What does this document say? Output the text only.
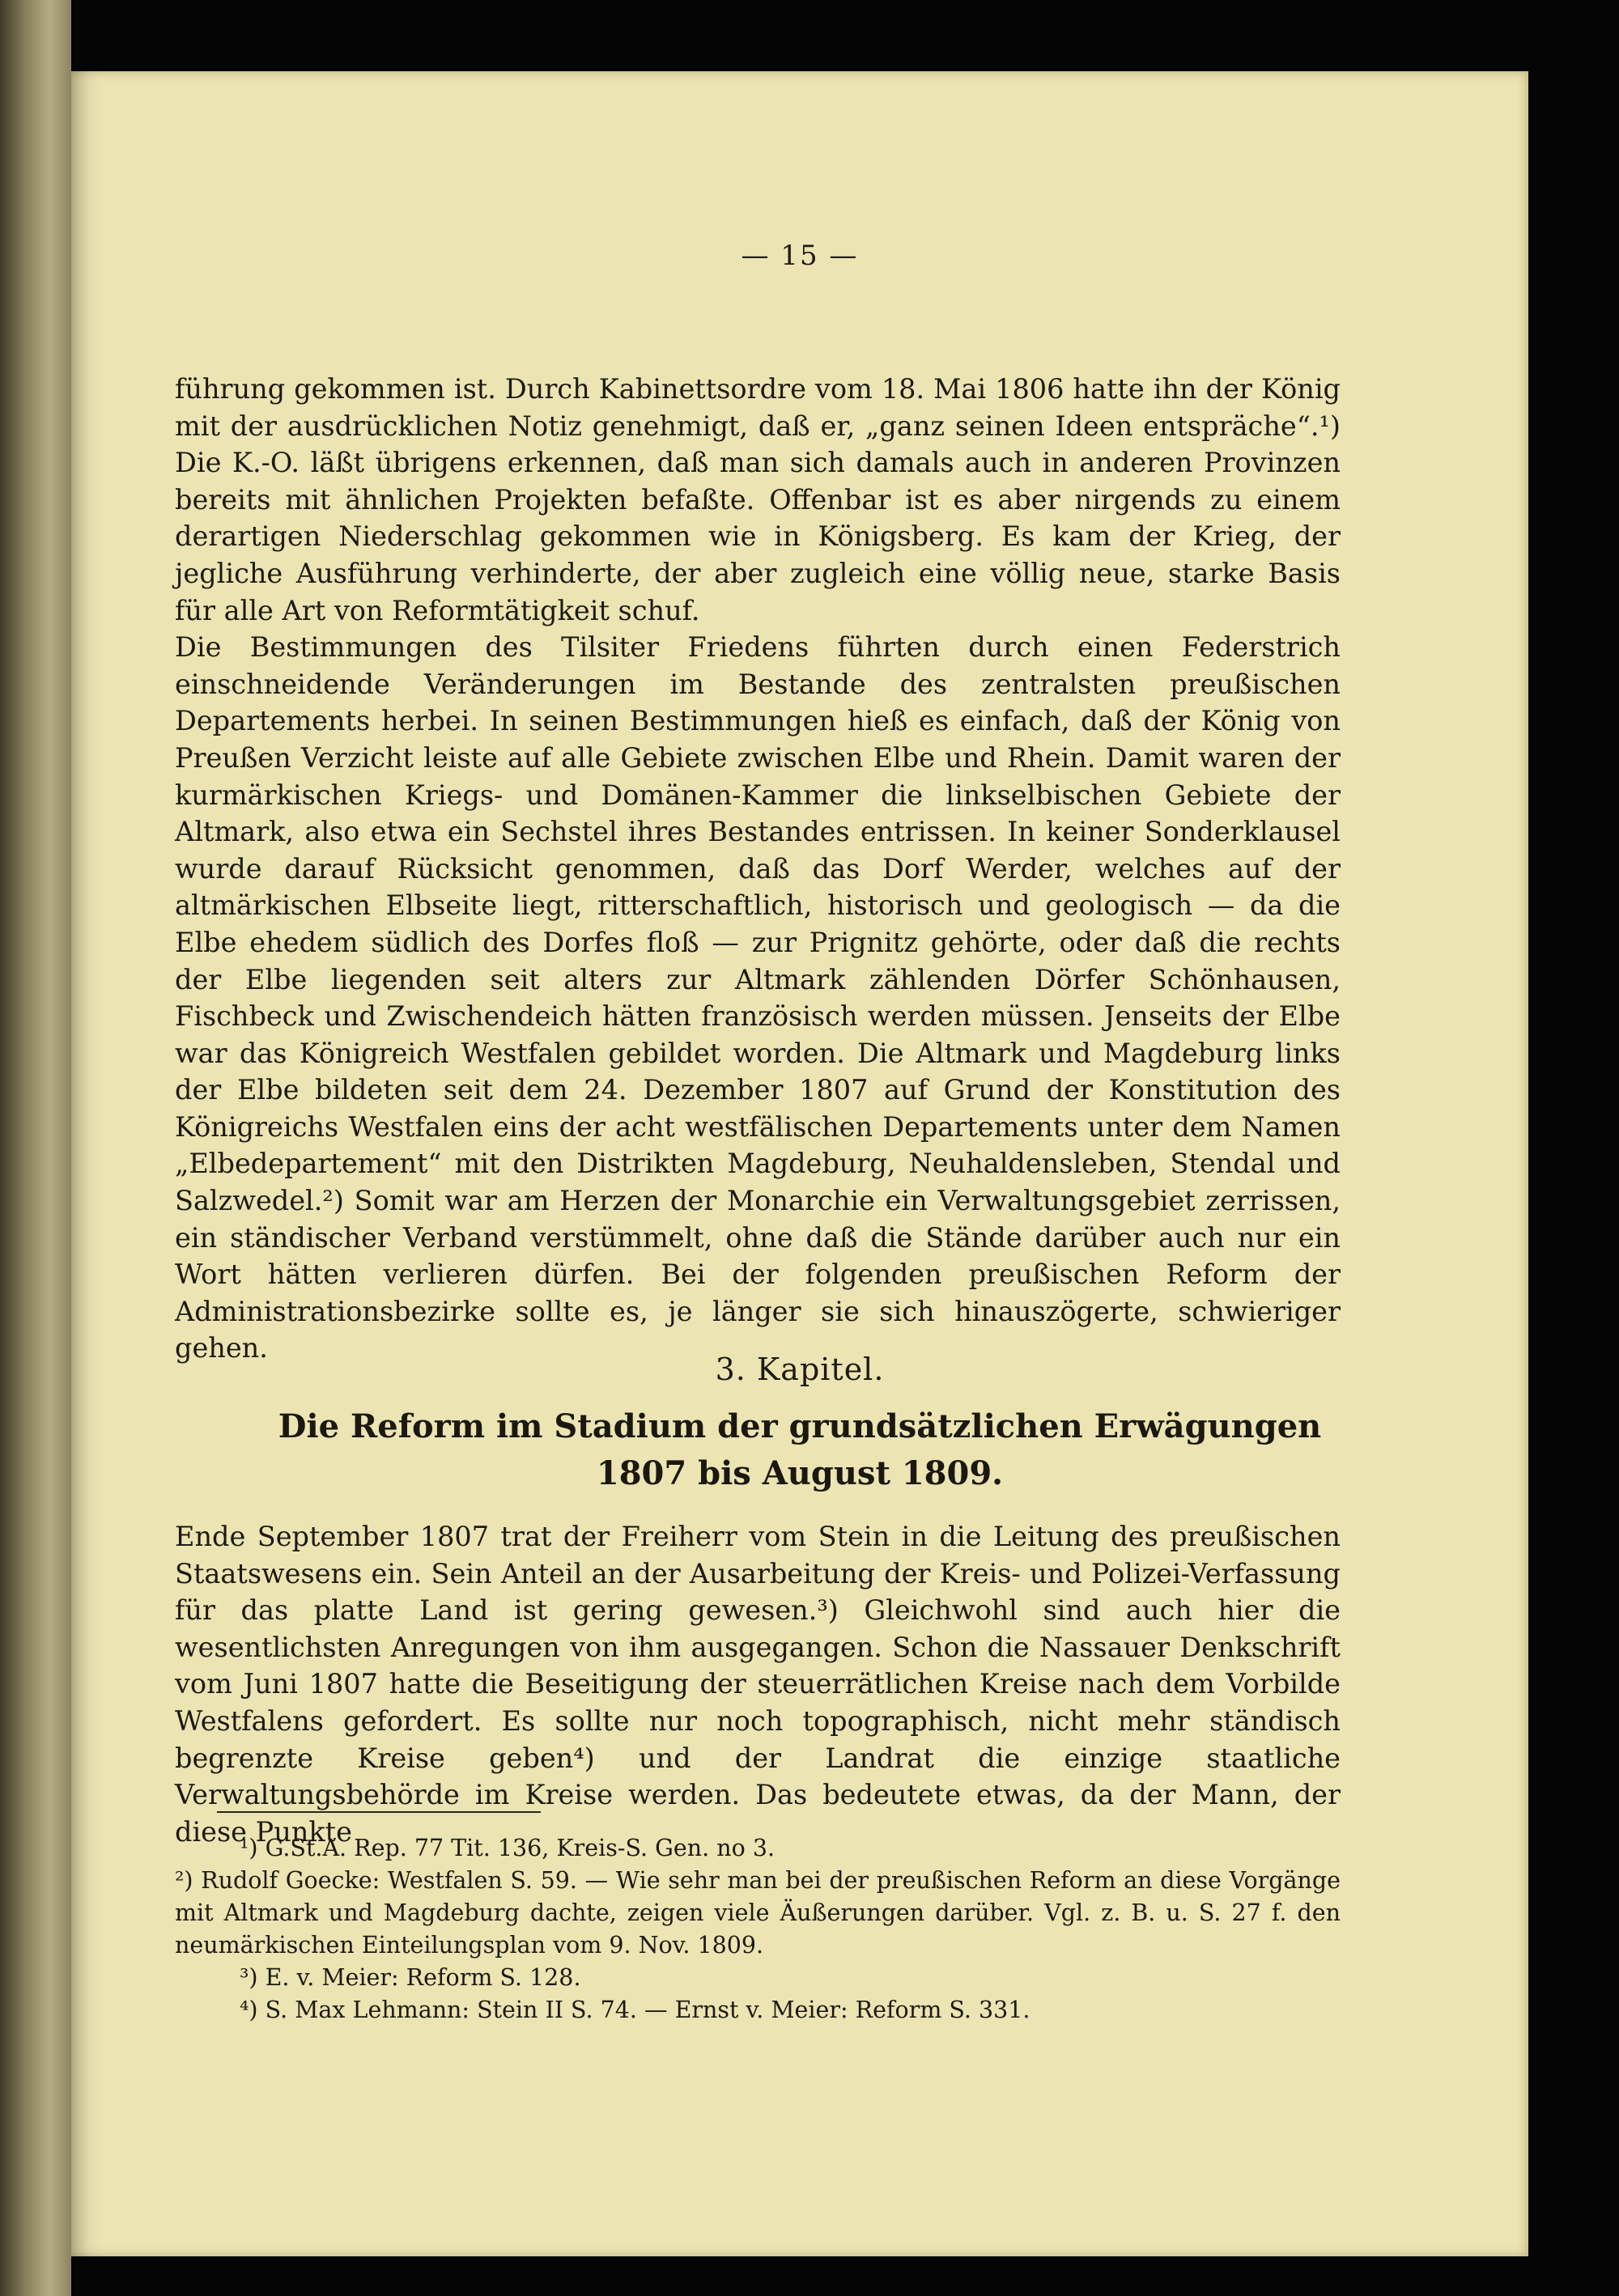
— 15 —

führung gekommen ist. Durch Kabinettsordre vom 18. Mai 1806 hatte ihn der König mit der ausdrücklichen Notiz genehmigt, daß er, „ganz seinen Ideen entspräche“.¹) Die K.-O. läßt übrigens erkennen, daß man sich damals auch in anderen Provinzen bereits mit ähnlichen Projekten befaßte. Offenbar ist es aber nirgends zu einem derartigen Niederschlag gekommen wie in Königsberg. Es kam der Krieg, der jegliche Ausführung verhinderte, der aber zugleich eine völlig neue, starke Basis für alle Art von Reformtätigkeit schuf.

Die Bestimmungen des Tilsiter Friedens führten durch einen Federstrich einschneidende Veränderungen im Bestande des zentralsten preußischen Departements herbei. In seinen Bestimmungen hieß es einfach, daß der König von Preußen Verzicht leiste auf alle Gebiete zwischen Elbe und Rhein. Damit waren der kurmärkischen Kriegs- und Domänen-Kammer die linkselbischen Gebiete der Altmark, also etwa ein Sechstel ihres Bestandes entrissen. In keiner Sonderklausel wurde darauf Rücksicht genommen, daß das Dorf Werder, welches auf der altmärkischen Elbseite liegt, ritterschaftlich, historisch und geologisch — da die Elbe ehedem südlich des Dorfes floß — zur Prignitz gehörte, oder daß die rechts der Elbe liegenden seit alters zur Altmark zählenden Dörfer Schönhausen, Fischbeck und Zwischendeich hätten französisch werden müssen. Jenseits der Elbe war das Königreich Westfalen gebildet worden. Die Altmark und Magdeburg links der Elbe bildeten seit dem 24. Dezember 1807 auf Grund der Konstitution des Königreichs Westfalen eins der acht westfälischen Departements unter dem Namen „Elbedepartement“ mit den Distrikten Magdeburg, Neuhaldensleben, Stendal und Salzwedel.²) Somit war am Herzen der Monarchie ein Verwaltungsgebiet zerrissen, ein ständischer Verband verstümmelt, ohne daß die Stände darüber auch nur ein Wort hätten verlieren dürfen. Bei der folgenden preußischen Reform der Administrationsbezirke sollte es, je länger sie sich hinauszögerte, schwieriger gehen.

3. Kapitel.
Die Reform im Stadium der grundsätzlichen Erwägungen
1807 bis August 1809.

Ende September 1807 trat der Freiherr vom Stein in die Leitung des preußischen Staatswesens ein. Sein Anteil an der Ausarbeitung der Kreis- und Polizei-Verfassung für das platte Land ist gering gewesen.³) Gleichwohl sind auch hier die wesentlichsten Anregungen von ihm ausgegangen. Schon die Nassauer Denkschrift vom Juni 1807 hatte die Beseitigung der steuerrätlichen Kreise nach dem Vorbilde Westfalens gefordert. Es sollte nur noch topographisch, nicht mehr ständisch begrenzte Kreise geben⁴) und der Landrat die einzige staatliche Verwaltungsbehörde im Kreise werden. Das bedeutete etwas, da der Mann, der diese Punkte

¹) G.St.A. Rep. 77 Tit. 136, Kreis-S. Gen. no 3.

²) Rudolf Goecke: Westfalen S. 59. — Wie sehr man bei der preußischen Reform an diese Vorgänge mit Altmark und Magdeburg dachte, zeigen viele Äußerungen darüber. Vgl. z. B. u. S. 27 f. den neumärkischen Einteilungsplan vom 9. Nov. 1809.

³) E. v. Meier: Reform S. 128.

⁴) S. Max Lehmann: Stein II S. 74. — Ernst v. Meier: Reform S. 331.
